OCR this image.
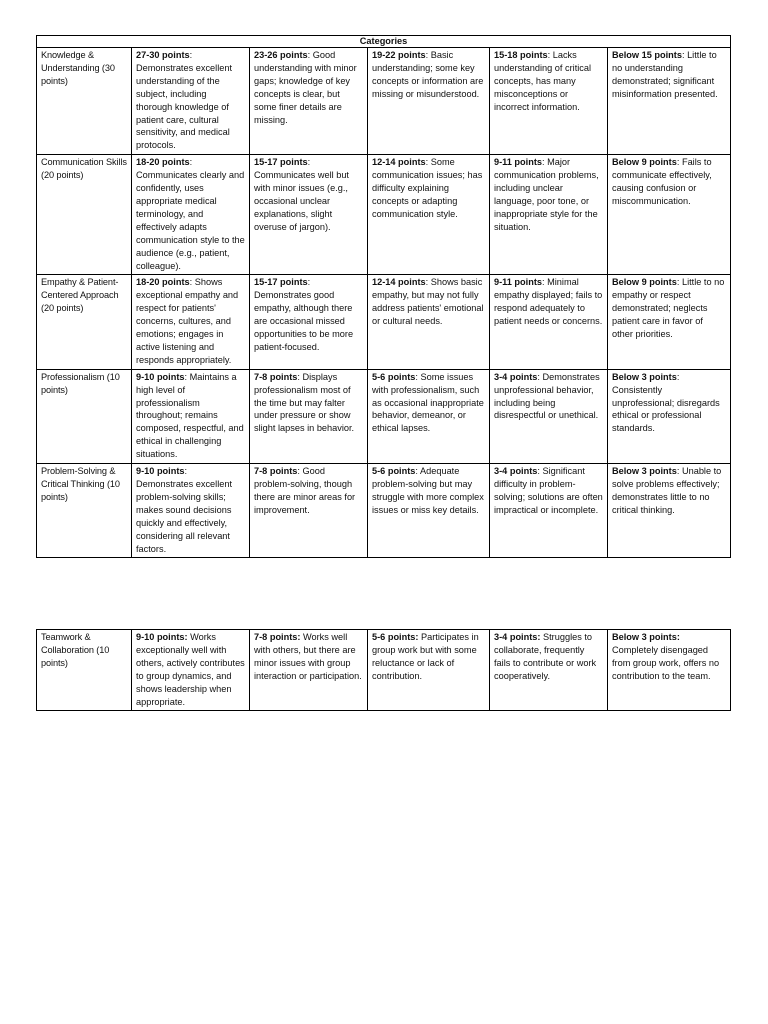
Categories					
Knowledge & Understanding (30 points)	27-30 points: Demonstrates excellent understanding of the subject, including thorough knowledge of patient care, cultural sensitivity, and medical protocols.	23-26 points: Good understanding with minor gaps; knowledge of key concepts is clear, but some finer details are missing.	19-22 points: Basic understanding; some key concepts or information are missing or misunderstood.	15-18 points: Lacks understanding of critical concepts, has many misconceptions or incorrect information.	Below 15 points: Little to no understanding demonstrated; significant misinformation presented.
Communication Skills (20 points)	18-20 points: Communicates clearly and confidently, uses appropriate medical terminology, and effectively adapts communication style to the audience (e.g., patient, colleague).	15-17 points: Communicates well but with minor issues (e.g., occasional unclear explanations, slight overuse of jargon).	12-14 points: Some communication issues; has difficulty explaining concepts or adapting communication style.	9-11 points: Major communication problems, including unclear language, poor tone, or inappropriate style for the situation.	Below 9 points: Fails to communicate effectively, causing confusion or miscommunication.
Empathy & Patient-Centered Approach (20 points)	18-20 points: Shows exceptional empathy and respect for patients' concerns, cultures, and emotions; engages in active listening and responds appropriately.	15-17 points: Demonstrates good empathy, although there are occasional missed opportunities to be more patient-focused.	12-14 points: Shows basic empathy, but may not fully address patients' emotional or cultural needs.	9-11 points: Minimal empathy displayed; fails to respond adequately to patient needs or concerns.	Below 9 points: Little to no empathy or respect demonstrated; neglects patient care in favor of other priorities.
Professionalism (10 points)	9-10 points: Maintains a high level of professionalism throughout; remains composed, respectful, and ethical in challenging situations.	7-8 points: Displays professionalism most of the time but may falter under pressure or show slight lapses in behavior.	5-6 points: Some issues with professionalism, such as occasional inappropriate behavior, demeanor, or ethical lapses.	3-4 points: Demonstrates unprofessional behavior, including being disrespectful or unethical.	Below 3 points: Consistently unprofessional; disregards ethical or professional standards.
Problem-Solving & Critical Thinking (10 points)	9-10 points: Demonstrates excellent problem-solving skills; makes sound decisions quickly and effectively, considering all relevant factors.	7-8 points: Good problem-solving, though there are minor areas for improvement.	5-6 points: Adequate problem-solving but may struggle with more complex issues or miss key details.	3-4 points: Significant difficulty in problem-solving; solutions are often impractical or incomplete.	Below 3 points: Unable to solve problems effectively; demonstrates little to no critical thinking.
Teamwork & Collaboration (10 points)	9-10 points: Works exceptionally well with others, actively contributes to group dynamics, and shows leadership when appropriate.	7-8 points: Works well with others, but there are minor issues with group interaction or participation.	5-6 points: Participates in group work but with some reluctance or lack of contribution.	3-4 points: Struggles to collaborate, frequently fails to contribute or work cooperatively.	Below 3 points: Completely disengaged from group work, offers no contribution to the team.
